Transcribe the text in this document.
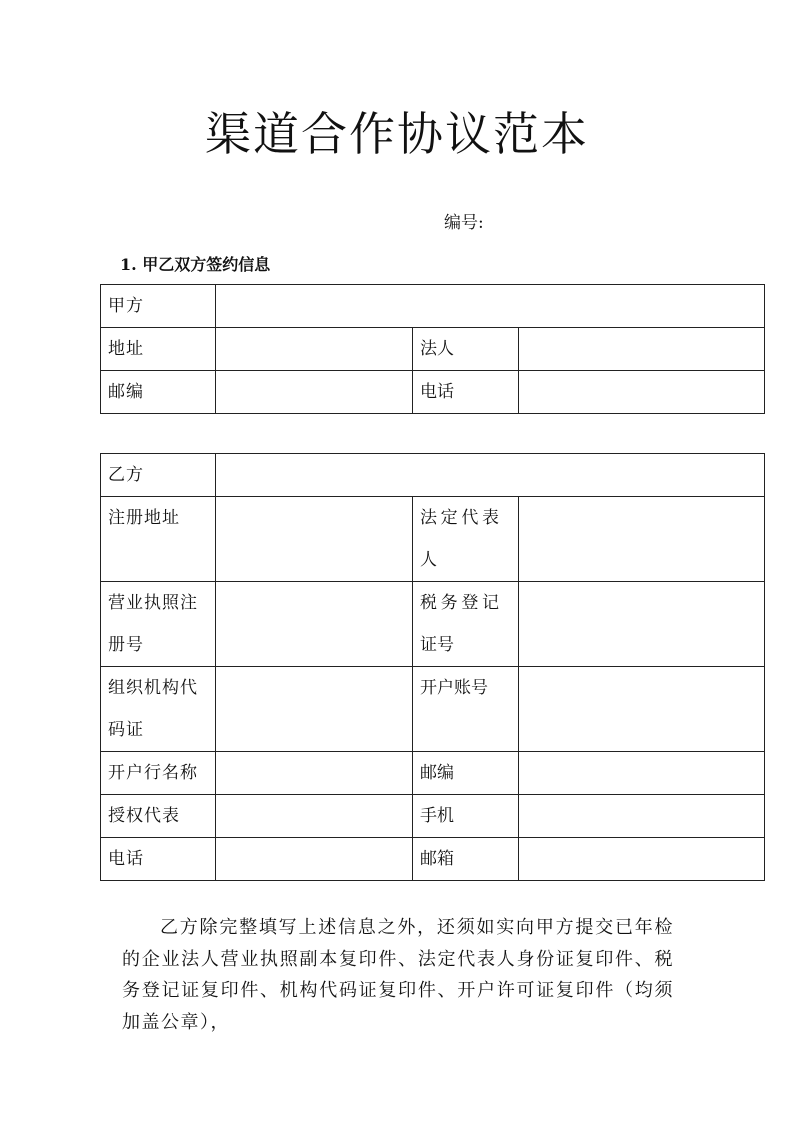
渠道合作协议范本
编号:
1. 甲乙双方签约信息
甲方			
地址		法人	
邮编		电话	
乙方			
注册地址		法定代表人	
营业执照注册号		税务登记证号	
组织机构代码证		开户账号	
开户行名称		邮编	
授权代表		手机	
电话		邮箱	
乙方除完整填写上述信息之外，还须如实向甲方提交已年检的企业法人营业执照副本复印件、法定代表人身份证复印件、税务登记证复印件、机构代码证复印件、开户许可证复印件（均须加盖公章），
